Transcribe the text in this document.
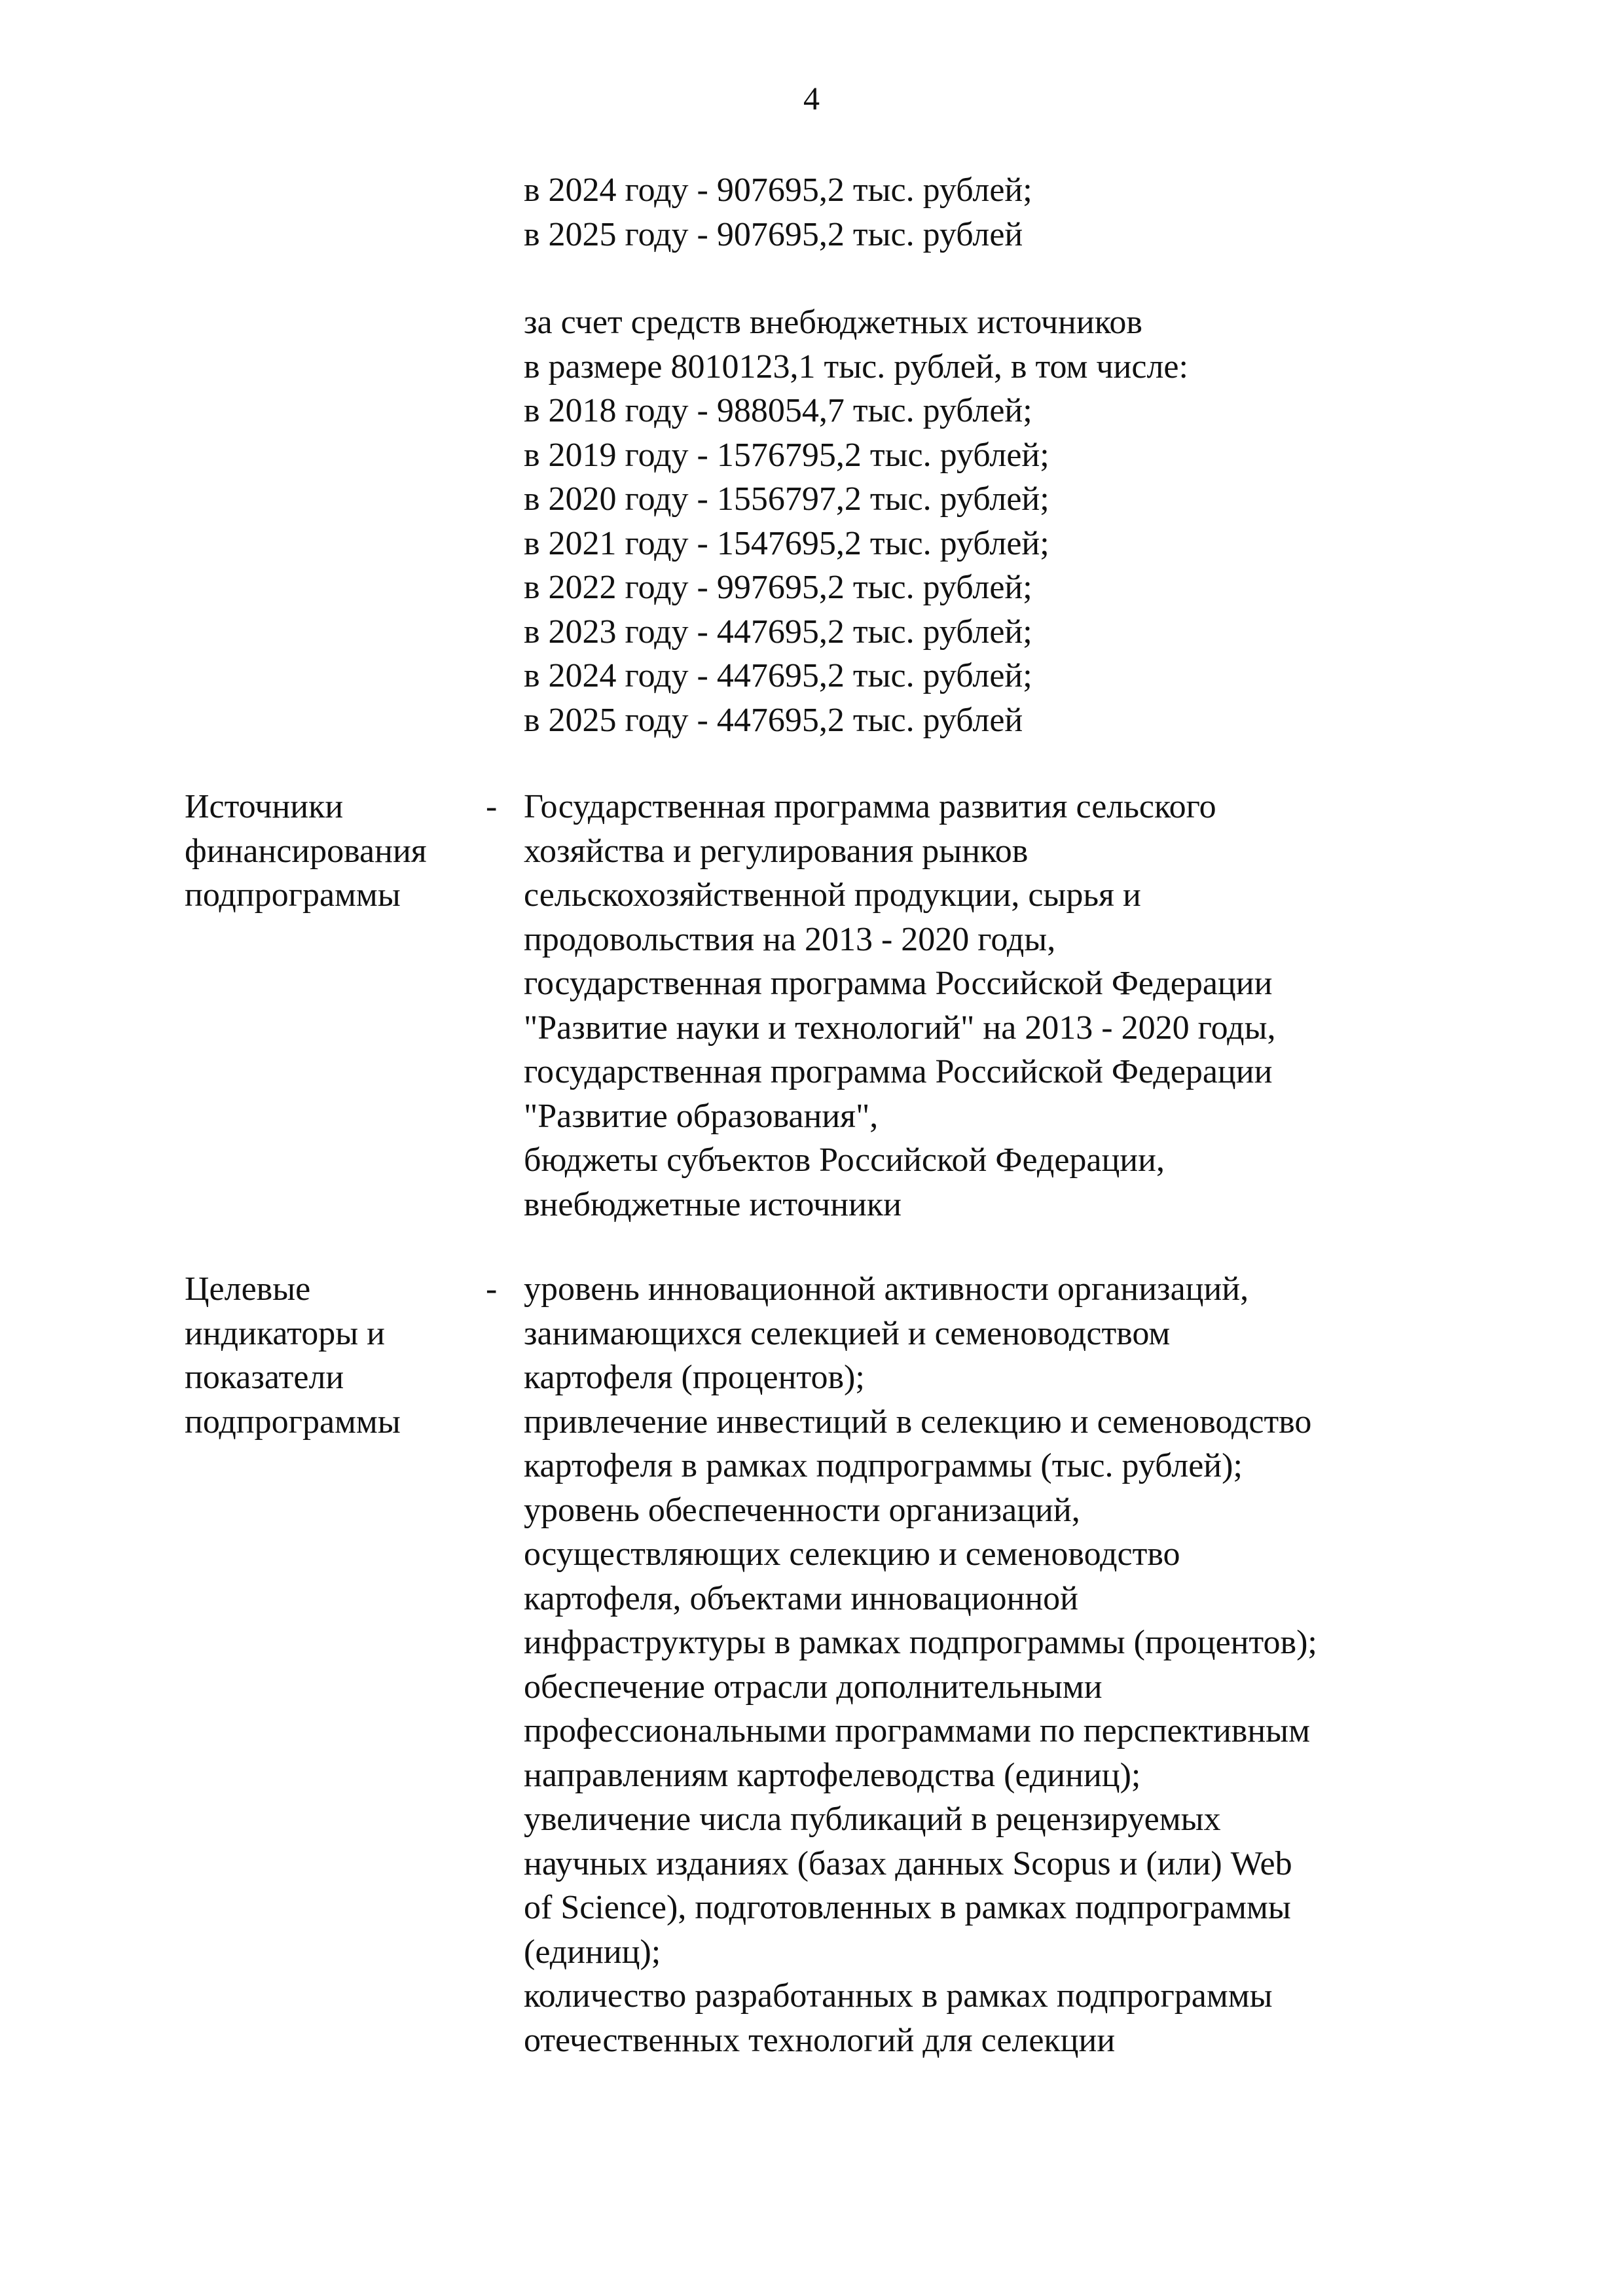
4
в 2024 году - 907695,2 тыс. рублей;
в 2025 году - 907695,2 тыс. рублей
за счет средств внебюджетных источников
в размере 8010123,1 тыс. рублей, в том числе:
в 2018 году - 988054,7 тыс. рублей;
в 2019 году - 1576795,2 тыс. рублей;
в 2020 году - 1556797,2 тыс. рублей;
в 2021 году - 1547695,2 тыс. рублей;
в 2022 году - 997695,2 тыс. рублей;
в 2023 году - 447695,2 тыс. рублей;
в 2024 году - 447695,2 тыс. рублей;
в 2025 году - 447695,2 тыс. рублей
Источники
финансирования
подпрограммы
- Государственная программа развития сельского
хозяйства и регулирования рынков
сельскохозяйственной продукции, сырья и
продовольствия на 2013 - 2020 годы,
государственная программа Российской Федерации
"Развитие науки и технологий" на 2013 - 2020 годы,
государственная программа Российской Федерации
"Развитие образования",
бюджеты субъектов Российской Федерации,
внебюджетные источники
Целевые
индикаторы и
показатели
подпрограммы
- уровень инновационной активности организаций,
занимающихся селекцией и семеноводством
картофеля (процентов);
привлечение инвестиций в селекцию и семеноводство
картофеля в рамках подпрограммы (тыс. рублей);
уровень обеспеченности организаций,
осуществляющих селекцию и семеноводство
картофеля, объектами инновационной
инфраструктуры в рамках подпрограммы (процентов);
обеспечение отрасли дополнительными
профессиональными программами по перспективным
направлениям картофелеводства (единиц);
увеличение числа публикаций в рецензируемых
научных изданиях (базах данных Scopus и (или) Web
of Science), подготовленных в рамках подпрограммы
(единиц);
количество разработанных в рамках подпрограммы
отечественных технологий для селекции
